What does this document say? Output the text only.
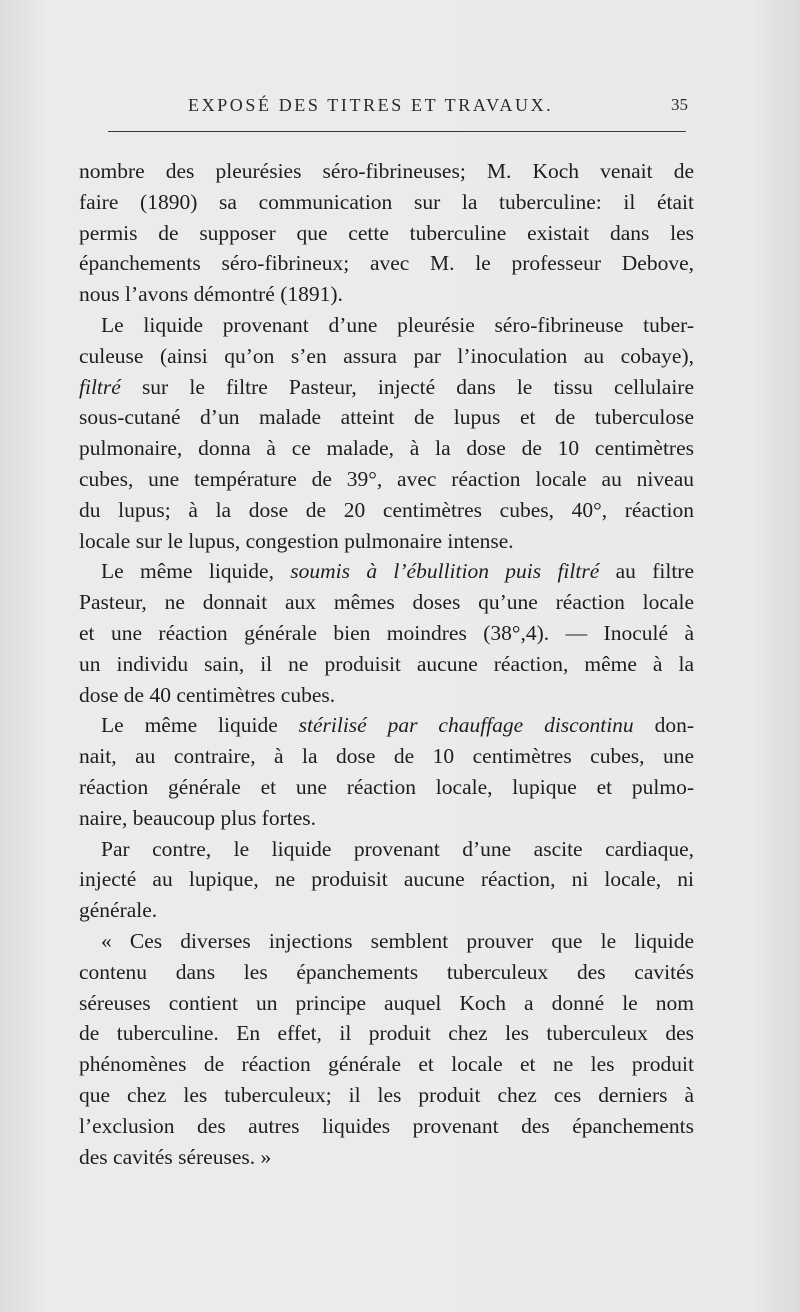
EXPOSÉ DES TITRES ET TRAVAUX.	35
nombre des pleurésies séro-fibrineuses; M. Koch venait de
faire (1890) sa communication sur la tuberculine: il était
permis de supposer que cette tuberculine existait dans les
épanchements séro-fibrineux; avec M. le professeur Debove,
nous l’avons démontré (1891).
Le liquide provenant d’une pleurésie séro-fibrineuse tuber-
culeuse (ainsi qu’on s’en assura par l’inoculation au cobaye),
filtré sur le filtre Pasteur, injecté dans le tissu cellulaire
sous-cutané d’un malade atteint de lupus et de tuberculose
pulmonaire, donna à ce malade, à la dose de 10 centimètres
cubes, une température de 39°, avec réaction locale au niveau
du lupus; à la dose de 20 centimètres cubes, 40°, réaction
locale sur le lupus, congestion pulmonaire intense.
Le même liquide, soumis à l’ébullition puis filtré au filtre
Pasteur, ne donnait aux mêmes doses qu’une réaction locale
et une réaction générale bien moindres (38°,4). — Inoculé à
un individu sain, il ne produisit aucune réaction, même à la
dose de 40 centimètres cubes.
Le même liquide stérilisé par chauffage discontinu don-
nait, au contraire, à la dose de 10 centimètres cubes, une
réaction générale et une réaction locale, lupique et pulmo-
naire, beaucoup plus fortes.
Par contre, le liquide provenant d’une ascite cardiaque,
injecté au lupique, ne produisit aucune réaction, ni locale, ni
générale.
« Ces diverses injections semblent prouver que le liquide
contenu dans les épanchements tuberculeux des cavités
séreuses contient un principe auquel Koch a donné le nom
de tuberculine. En effet, il produit chez les tuberculeux des
phénomènes de réaction générale et locale et ne les produit
que chez les tuberculeux; il les produit chez ces derniers à
l’exclusion des autres liquides provenant des épanchements
des cavités séreuses. »
